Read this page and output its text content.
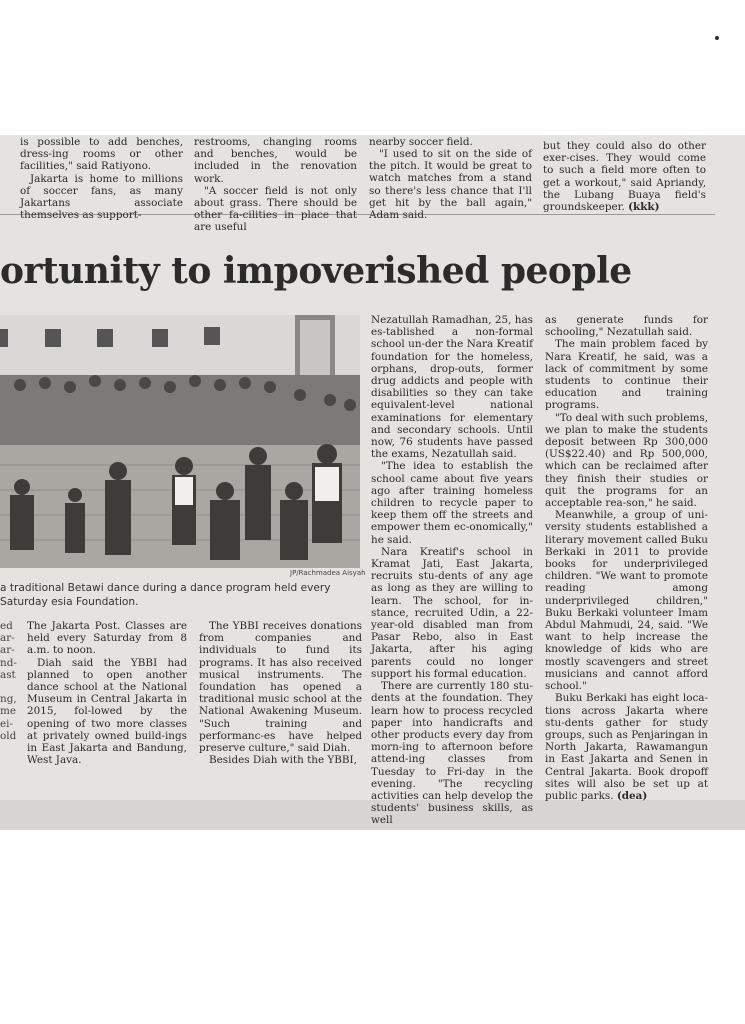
is possible to add benches, dress-ing rooms or other facilities," said Ratiyono.

Jakarta is home to millions of soccer fans, as many Jakartans associate themselves as support-

restrooms, changing rooms and benches, would be included in the renovation work.

"A soccer field is not only about grass. There should be other fa-cilities in place that are useful

nearby soccer field.

"I used to sit on the side of the pitch. It would be great to watch matches from a stand so there's less chance that I'll get hit by the ball again," Adam said.

but they could also do other exer-cises. They would come to such a field more often to get a workout," said Apriandy, the Lubang Buaya field's groundskeeper. (kkk)

ortunity to impoverished people
JP/Rachmadea Aisyah
a traditional Betawi dance during a dance program held every Saturday esia Foundation.
ed
ar-
ar-
nd-
ast

ng,
me
ei-
old

The Jakarta Post. Classes are held every Saturday from 8 a.m. to noon.

Diah said the YBBI had planned to open another dance school at the National Museum in Central Jakarta in 2015, fol-lowed by the opening of two more classes at privately owned build-ings in East Jakarta and Bandung, West Java.

The YBBI receives donations from companies and individuals to fund its programs. It has also received musical instruments. The foundation has opened a traditional music school at the National Awakening Museum. "Such training and performanc-es have helped preserve culture," said Diah.

Besides Diah with the YBBI,

Nezatullah Ramadhan, 25, has es-tablished a non-formal school un-der the Nara Kreatif foundation for the homeless, orphans, drop-outs, former drug addicts and people with disabilities so they can take equivalent-level national examinations for elementary and secondary schools. Until now, 76 students have passed the exams, Nezatullah said.

"The idea to establish the school came about five years ago after training homeless children to recycle paper to keep them off the streets and empower them ec-onomically," he said.

Nara Kreatif's school in Kramat Jati, East Jakarta, recruits stu-dents of any age as long as they are willing to learn. The school, for in-stance, recruited Udin, a 22-year-old disabled man from Pasar Rebo, also in East Jakarta, after his aging parents could no longer support his formal education.

There are currently 180 stu-dents at the foundation. They learn how to process recycled paper into handicrafts and other products every day from morn-ing to afternoon before attend-ing classes from Tuesday to Fri-day in the evening. "The recycling activities can help develop the students' business skills, as well

as generate funds for schooling," Nezatullah said.

The main problem faced by Nara Kreatif, he said, was a lack of commitment by some students to continue their education and training programs.

"To deal with such problems, we plan to make the students deposit between Rp 300,000 (US$22.40) and Rp 500,000, which can be reclaimed after they finish their studies or quit the programs for an acceptable rea-son," he said.

Meanwhile, a group of uni-versity students established a literary movement called Buku Berkaki in 2011 to provide books for underprivileged children. "We want to promote reading among underprivileged children," Buku Berkaki volunteer Imam Abdul Mahmudi, 24, said. "We want to help increase the knowledge of kids who are mostly scavengers and street musicians and cannot afford school."

Buku Berkaki has eight loca-tions across Jakarta where stu-dents gather for study groups, such as Penjaringan in North Jakarta, Rawamangun in East Jakarta and Senen in Central Jakarta. Book dropoff sites will also be set up at public parks. (dea)
